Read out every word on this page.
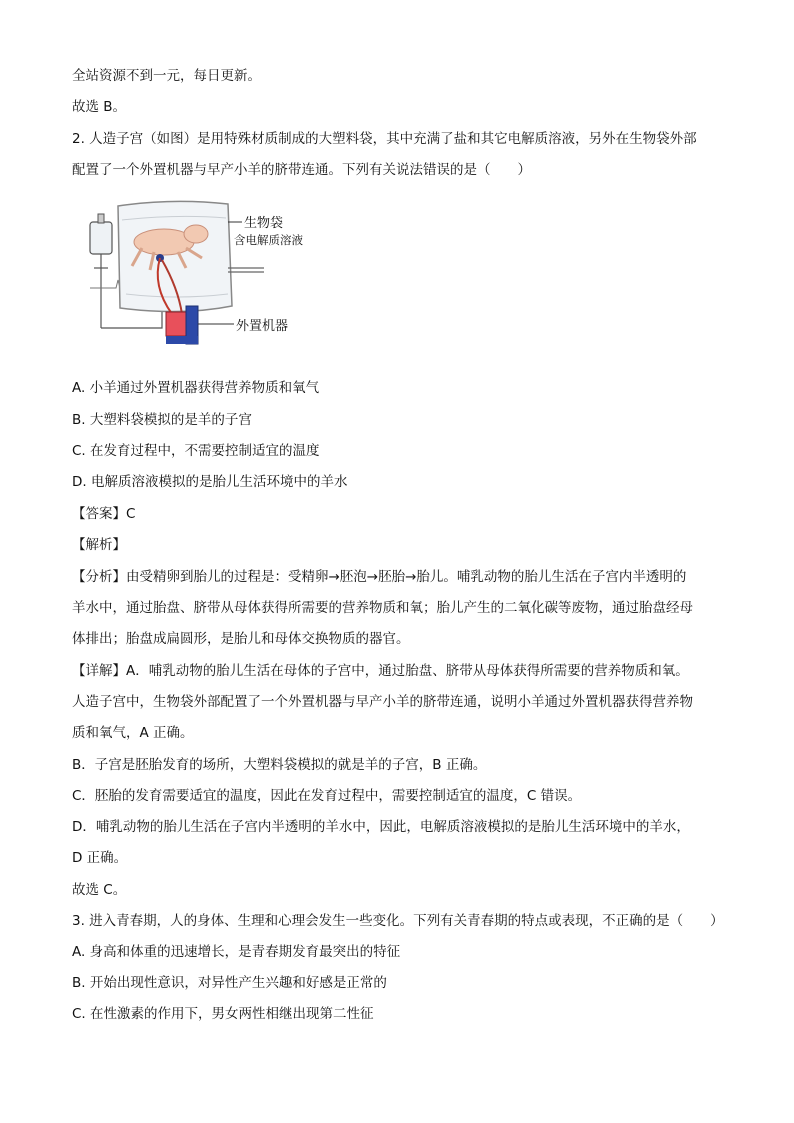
全站资源不到一元，每日更新。
故选 B。
2. 人造子宫（如图）是用特殊材质制成的大塑料袋，其中充满了盐和其它电解质溶液，另外在生物袋外部
配置了一个外置机器与早产小羊的脐带连通。下列有关说法错误的是（　　）
生物袋
含电解质溶液
外置机器
A. 小羊通过外置机器获得营养物质和氧气
B. 大塑料袋模拟的是羊的子宫
C. 在发育过程中，不需要控制适宜的温度
D. 电解质溶液模拟的是胎儿生活环境中的羊水
【答案】C
【解析】
【分析】由受精卵到胎儿的过程是：受精卵→胚泡→胚胎→胎儿。哺乳动物的胎儿生活在子宫内半透明的
羊水中，通过胎盘、脐带从母体获得所需要的营养物质和氧；胎儿产生的二氧化碳等废物，通过胎盘经母
体排出；胎盘成扁圆形，是胎儿和母体交换物质的器官。
【详解】A．哺乳动物的胎儿生活在母体的子宫中，通过胎盘、脐带从母体获得所需要的营养物质和氧。
人造子宫中，生物袋外部配置了一个外置机器与早产小羊的脐带连通，说明小羊通过外置机器获得营养物
质和氧气，A 正确。
B．子宫是胚胎发育的场所，大塑料袋模拟的就是羊的子宫，B 正确。
C．胚胎的发育需要适宜的温度，因此在发育过程中，需要控制适宜的温度，C 错误。
D．哺乳动物的胎儿生活在子宫内半透明的羊水中，因此，电解质溶液模拟的是胎儿生活环境中的羊水，
D 正确。
故选 C。
3. 进入青春期，人的身体、生理和心理会发生一些变化。下列有关青春期的特点或表现，不正确的是（　　）
A. 身高和体重的迅速增长，是青春期发育最突出的特征
B. 开始出现性意识，对异性产生兴趣和好感是正常的
C. 在性激素的作用下，男女两性相继出现第二性征
